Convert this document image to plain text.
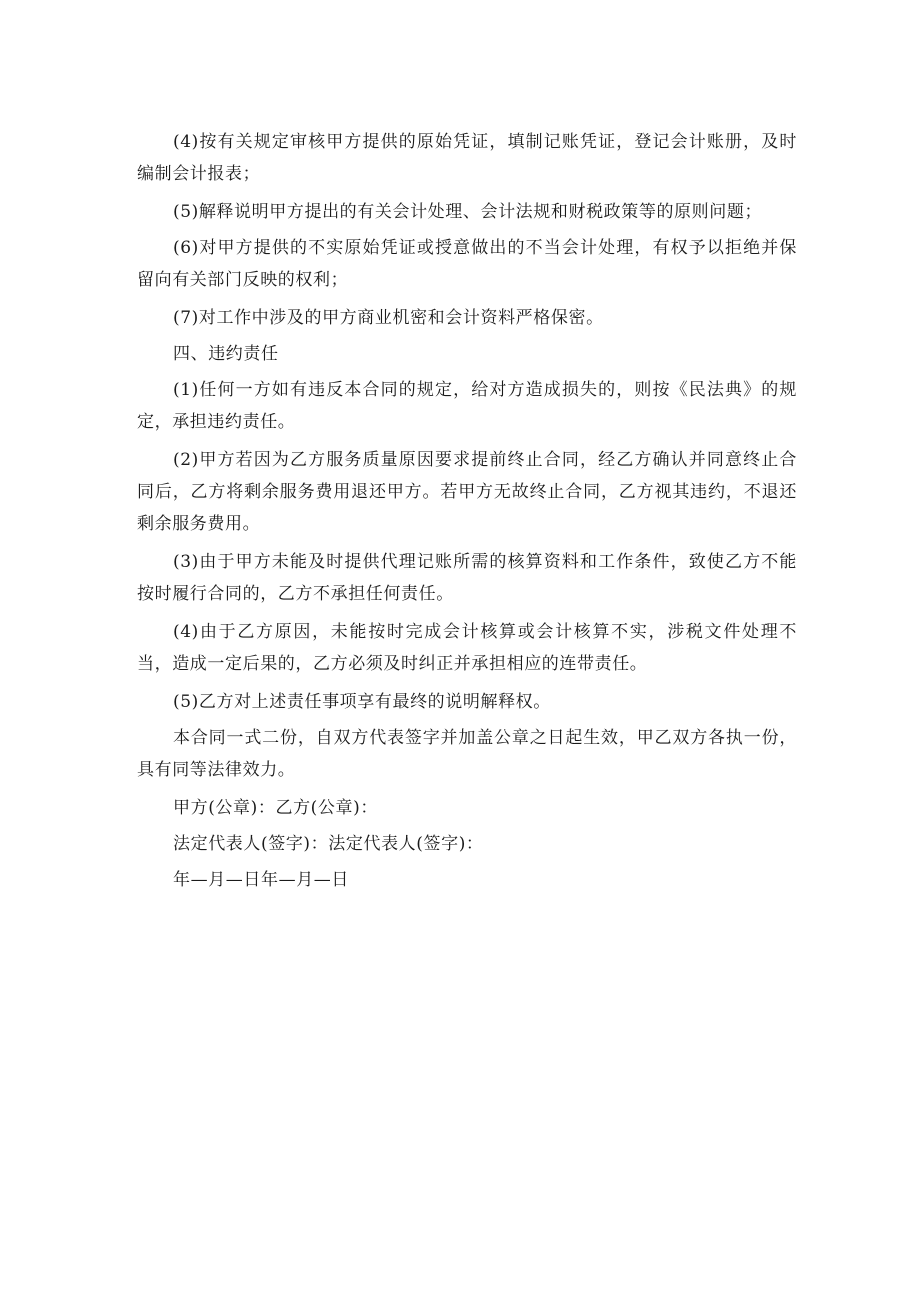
(4)按有关规定审核甲方提供的原始凭证，填制记账凭证，登记会计账册，及时编制会计报表；

(5)解释说明甲方提出的有关会计处理、会计法规和财税政策等的原则问题；

(6)对甲方提供的不实原始凭证或授意做出的不当会计处理，有权予以拒绝并保留向有关部门反映的权利；

(7)对工作中涉及的甲方商业机密和会计资料严格保密。

四、违约责任

(1)任何一方如有违反本合同的规定，给对方造成损失的，则按《民法典》的规定，承担违约责任。

(2)甲方若因为乙方服务质量原因要求提前终止合同，经乙方确认并同意终止合同后，乙方将剩余服务费用退还甲方。若甲方无故终止合同，乙方视其违约，不退还剩余服务费用。

(3)由于甲方未能及时提供代理记账所需的核算资料和工作条件，致使乙方不能按时履行合同的，乙方不承担任何责任。

(4)由于乙方原因，未能按时完成会计核算或会计核算不实，涉税文件处理不当，造成一定后果的，乙方必须及时纠正并承担相应的连带责任。

(5)乙方对上述责任事项享有最终的说明解释权。

本合同一式二份，自双方代表签字并加盖公章之日起生效，甲乙双方各执一份，具有同等法律效力。

甲方(公章)：乙方(公章)：

法定代表人(签字)：法定代表人(签字)：

年—月—日年—月—日
